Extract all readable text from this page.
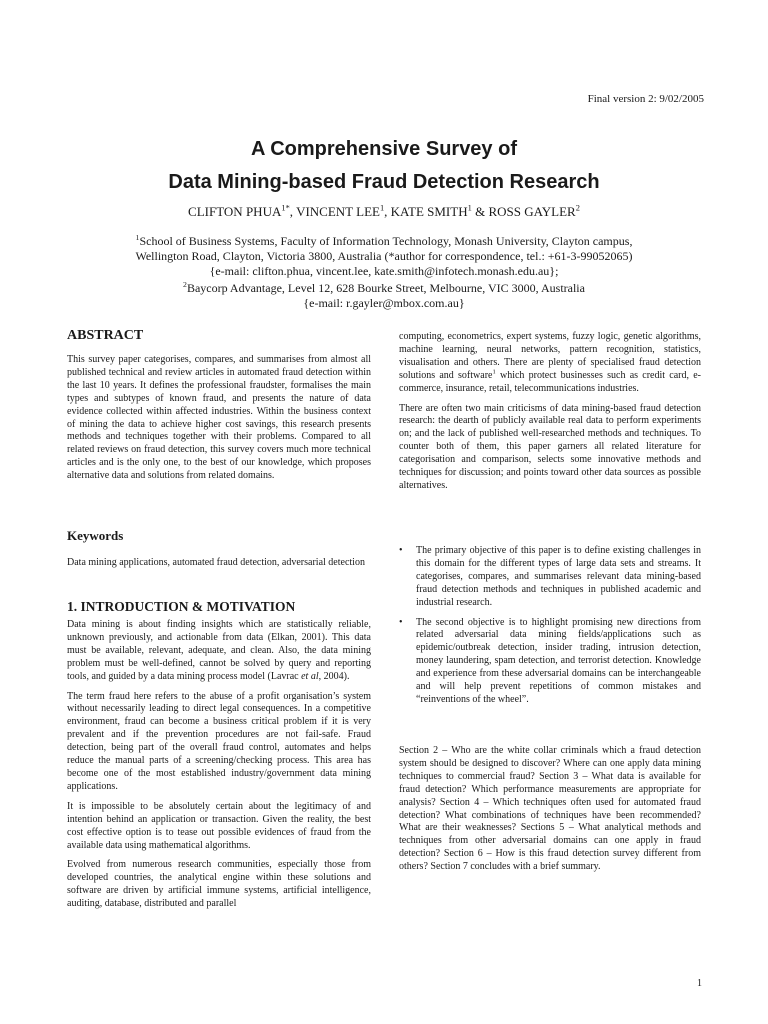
Final version 2: 9/02/2005
A Comprehensive Survey of
Data Mining-based Fraud Detection Research
CLIFTON $PHUA^{1*}$, VINCENT LEE$^1$, KATE SMITH$^1$ & ROSS GAYLER$^2$
$^1$School of Business Systems, Faculty of Information Technology, Monash University, Clayton campus,
Wellington Road, Clayton, Victoria 3800, Australia (*author for correspondence, tel.: +61-3-99052065)
{e-mail: clifton.phua, vincent.lee, kate.smith@infotech.monash.edu.au};
$^2$Baycorp Advantage, Level 12, 628 Bourke Street, Melbourne, VIC 3000, Australia
{e-mail: r.gayler@mbox.com.au}
ABSTRACT
This survey paper categorises, compares, and summarises from almost all published technical and review articles in automated fraud detection within the last 10 years. It defines the professional fraudster, formalises the main types and subtypes of known fraud, and presents the nature of data evidence collected within affected industries. Within the business context of mining the data to achieve higher cost savings, this research presents methods and techniques together with their problems. Compared to all related reviews on fraud detection, this survey covers much more technical articles and is the only one, to the best of our knowledge, which proposes alternative data and solutions from related domains.
Keywords
Data mining applications, automated fraud detection, adversarial detection
1. INTRODUCTION & MOTIVATION

Data mining is about finding insights which are statistically reliable, unknown previously, and actionable from data (Elkan, 2001). This data must be available, relevant, adequate, and clean. Also, the data mining problem must be well-defined, cannot be solved by query and reporting tools, and guided by a data mining process model (Lavrac et al, 2004).

The term fraud here refers to the abuse of a profit organisation’s system without necessarily leading to direct legal consequences. In a competitive environment, fraud can become a business critical problem if it is very prevalent and if the prevention procedures are not fail-safe. Fraud detection, being part of the overall fraud control, automates and helps reduce the manual parts of a screening/checking process. This area has become one of the most established industry/government data mining applications.

It is impossible to be absolutely certain about the legitimacy of and intention behind an application or transaction. Given the reality, the best cost effective option is to tease out possible evidences of fraud from the available data using mathematical algorithms.

Evolved from numerous research communities, especially those from developed countries, the analytical engine within these solutions and software are driven by artificial immune systems, artificial intelligence, auditing, database, distributed and parallel

computing, econometrics, expert systems, fuzzy logic, genetic algorithms, machine learning, neural networks, pattern recognition, statistics, visualisation and others. There are plenty of specialised fraud detection solutions and software$^1$ which protect businesses such as credit card, e-commerce, insurance, retail, telecommunications industries.

There are often two main criticisms of data mining-based fraud detection research: the dearth of publicly available real data to perform experiments on; and the lack of published well-researched methods and techniques. To counter both of them, this paper garners all related literature for categorisation and comparison, selects some innovative methods and techniques for discussion; and points toward other data sources as possible alternatives.

• The primary objective of this paper is to define existing challenges in this domain for the different types of large data sets and streams. It categorises, compares, and summarises relevant data mining-based fraud detection methods and techniques in published academic and industrial research.
• The second objective is to highlight promising new directions from related adversarial data mining fields/applications such as epidemic/outbreak detection, insider trading, intrusion detection, money laundering, spam detection, and terrorist detection. Knowledge and experience from these adversarial domains can be interchangeable and will help prevent repetitions of common mistakes and “reinventions of the wheel”.
Section 2 – Who are the white collar criminals which a fraud detection system should be designed to discover? Where can one apply data mining techniques to commercial fraud? Section 3 – What data is available for fraud detection? Which performance measurements are appropriate for analysis? Section 4 – Which techniques often used for automated fraud detection? What combinations of techniques have been recommended? What are their weaknesses? Sections 5 – What analytical methods and techniques from other adversarial domains can one apply in fraud detection? Section 6 – How is this fraud detection survey different from others? Section 7 concludes with a brief summary.
1
